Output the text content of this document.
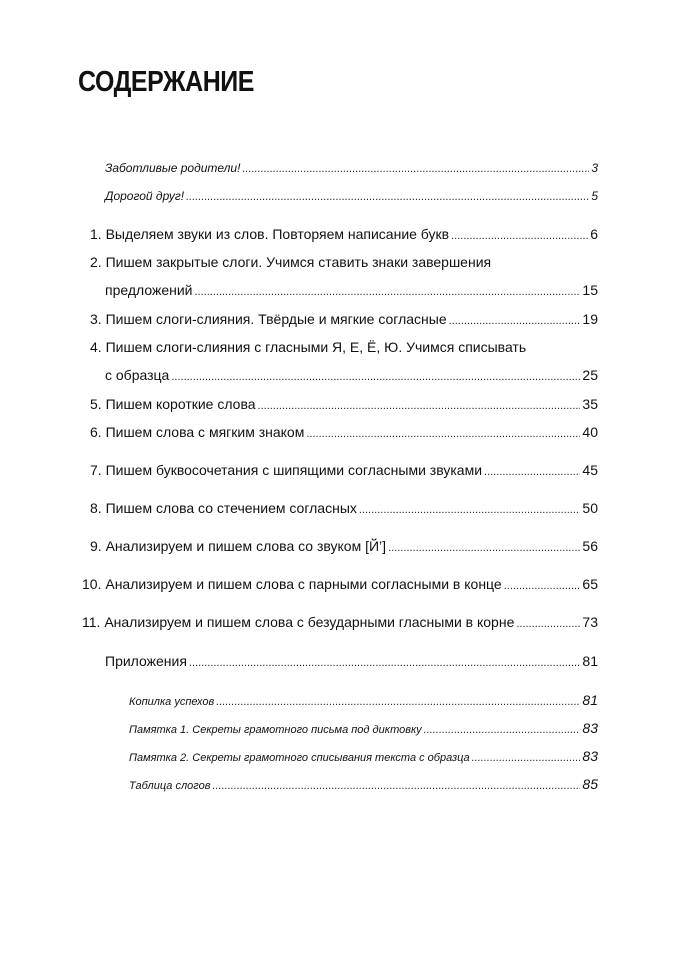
СОДЕРЖАНИЕ
Заботливые родители! .....	3
Дорогой друг! .....	5
1. Выделяем звуки из слов. Повторяем написание букв .....	6
2. Пишем закрытые слоги. Учимся ставить знаки завершения
предложений .....	15
3. Пишем слоги-слияния. Твёрдые и мягкие согласные .....	19
4. Пишем слоги-слияния с гласными Я, Е, Ё, Ю. Учимся списывать
с образца .....	25
5. Пишем короткие слова .....	35
6. Пишем слова с мягким знаком .....	40
7. Пишем буквосочетания с шипящими согласными звуками .....	45
8. Пишем слова со стечением согласных .....	50
9. Анализируем и пишем слова со звуком [Й’] .....	56
10. Анализируем и пишем слова с парными согласными в конце .....	65
11. Анализируем и пишем слова с безударными гласными в корне .....	73
Приложения .....	81
Копилка успехов .....	81
Памятка 1. Секреты грамотного письма под диктовку .....	83
Памятка 2. Секреты грамотного списывания текста с образца .....	83
Таблица слогов .....	85
